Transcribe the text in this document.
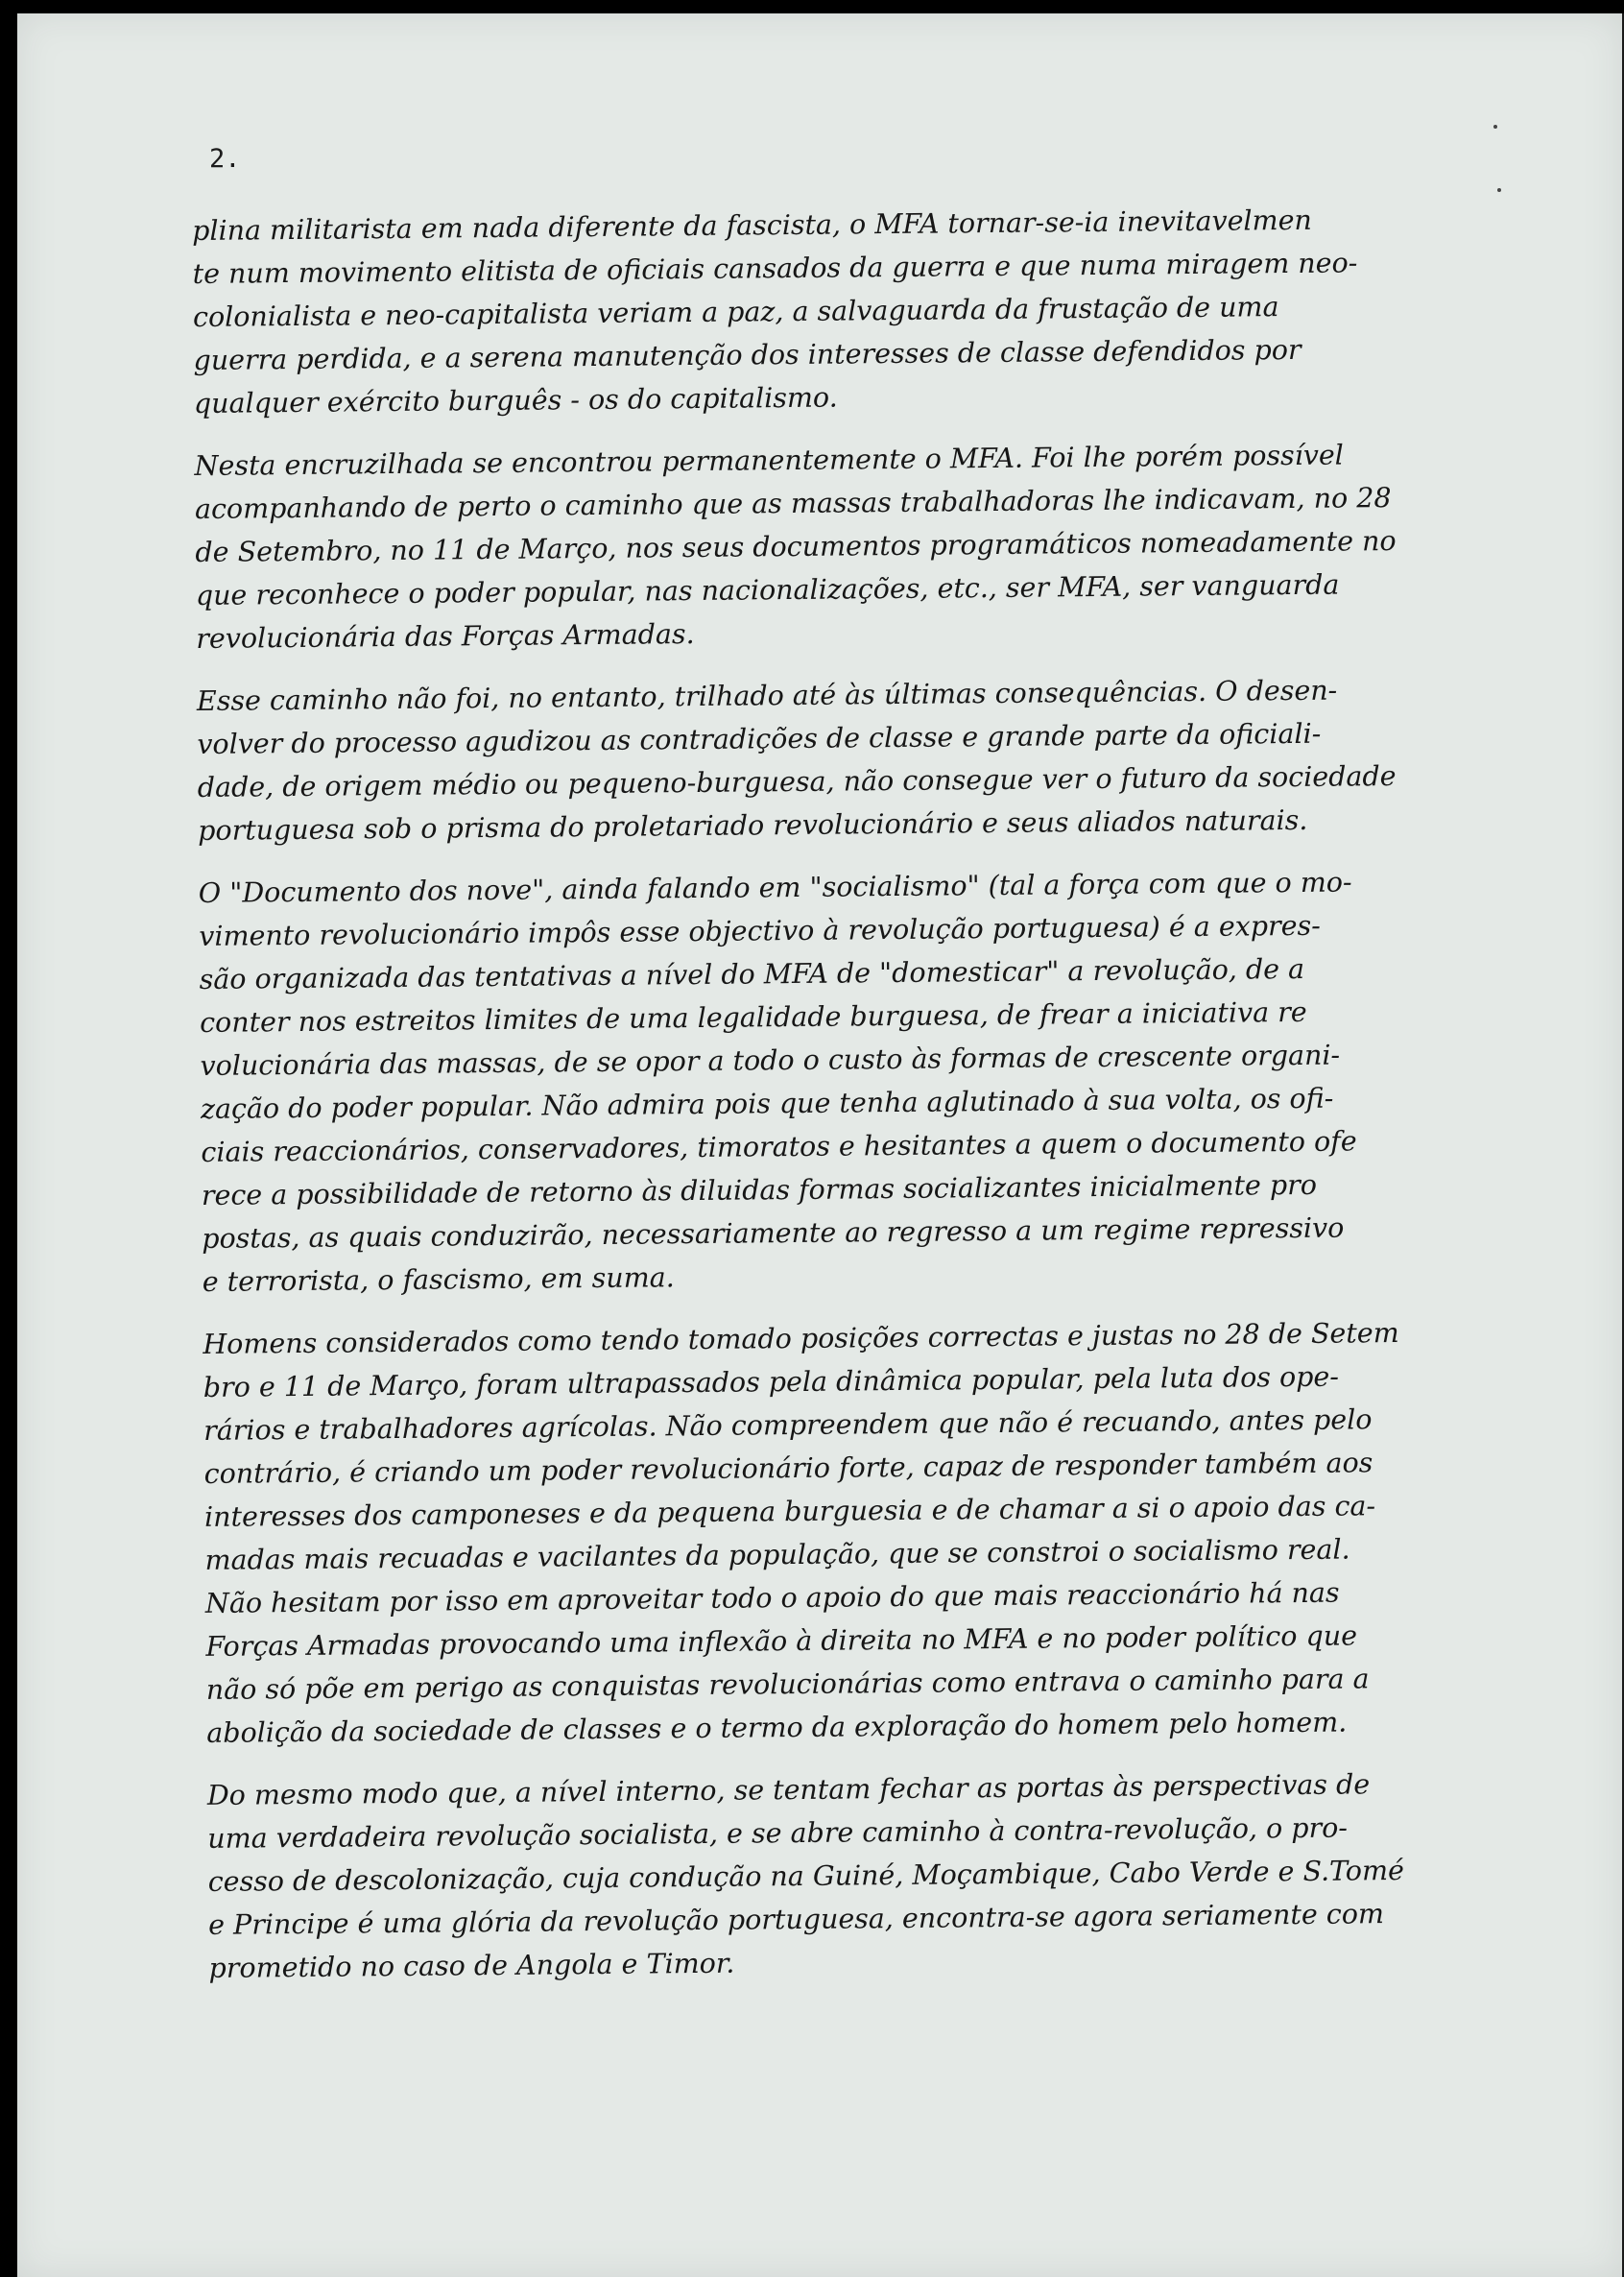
2.
plina militarista em nada diferente da fascista, o MFA tornar-se-ia inevitavelmen
te num movimento elitista de oficiais cansados da guerra e que numa miragem neo-
colonialista e neo-capitalista veriam a paz, a salvaguarda da frustação de uma
guerra perdida, e a serena manutenção dos interesses de classe defendidos por
qualquer exército burguês - os do capitalismo.
Nesta encruzilhada se encontrou permanentemente o MFA. Foi lhe porém possível
acompanhando de perto o caminho que as massas trabalhadoras lhe indicavam, no 28
de Setembro, no 11 de Março, nos seus documentos programáticos nomeadamente no
que reconhece o poder popular, nas nacionalizações, etc., ser MFA, ser vanguarda
revolucionária das Forças Armadas.
Esse caminho não foi, no entanto, trilhado até às últimas consequências. O desen-
volver do processo agudizou as contradições de classe e grande parte da oficiali-
dade, de origem médio ou pequeno-burguesa, não consegue ver o futuro da sociedade
portuguesa sob o prisma do proletariado revolucionário e seus aliados naturais.
O "Documento dos nove", ainda falando em "socialismo" (tal a força com que o mo-
vimento revolucionário impôs esse objectivo à revolução portuguesa) é a expres-
são organizada das tentativas a nível do MFA de "domesticar" a revolução, de a
conter nos estreitos limites de uma legalidade burguesa, de frear a iniciativa re
volucionária das massas, de se opor a todo o custo às formas de crescente organi-
zação do poder popular. Não admira pois que tenha aglutinado à sua volta, os ofi-
ciais reaccionários, conservadores, timoratos e hesitantes a quem o documento ofe
rece a possibilidade de retorno às diluidas formas socializantes inicialmente pro
postas, as quais conduzirão, necessariamente ao regresso a um regime repressivo
e terrorista, o fascismo, em suma.
Homens considerados como tendo tomado posições correctas e justas no 28 de Setem
bro e 11 de Março, foram ultrapassados pela dinâmica popular, pela luta dos ope-
rários e trabalhadores agrícolas. Não compreendem que não é recuando, antes pelo
contrário, é criando um poder revolucionário forte, capaz de responder também aos
interesses dos camponeses e da pequena burguesia e de chamar a si o apoio das ca-
madas mais recuadas e vacilantes da população, que se constroi o socialismo real.
Não hesitam por isso em aproveitar todo o apoio do que mais reaccionário há nas
Forças Armadas provocando uma inflexão à direita no MFA e no poder político que
não só põe em perigo as conquistas revolucionárias como entrava o caminho para a
abolição da sociedade de classes e o termo da exploração do homem pelo homem.
Do mesmo modo que, a nível interno, se tentam fechar as portas às perspectivas de
uma verdadeira revolução socialista, e se abre caminho à contra-revolução, o pro-
cesso de descolonização, cuja condução na Guiné, Moçambique, Cabo Verde e S.Tomé
e Principe é uma glória da revolução portuguesa, encontra-se agora seriamente com
prometido no caso de Angola e Timor.
